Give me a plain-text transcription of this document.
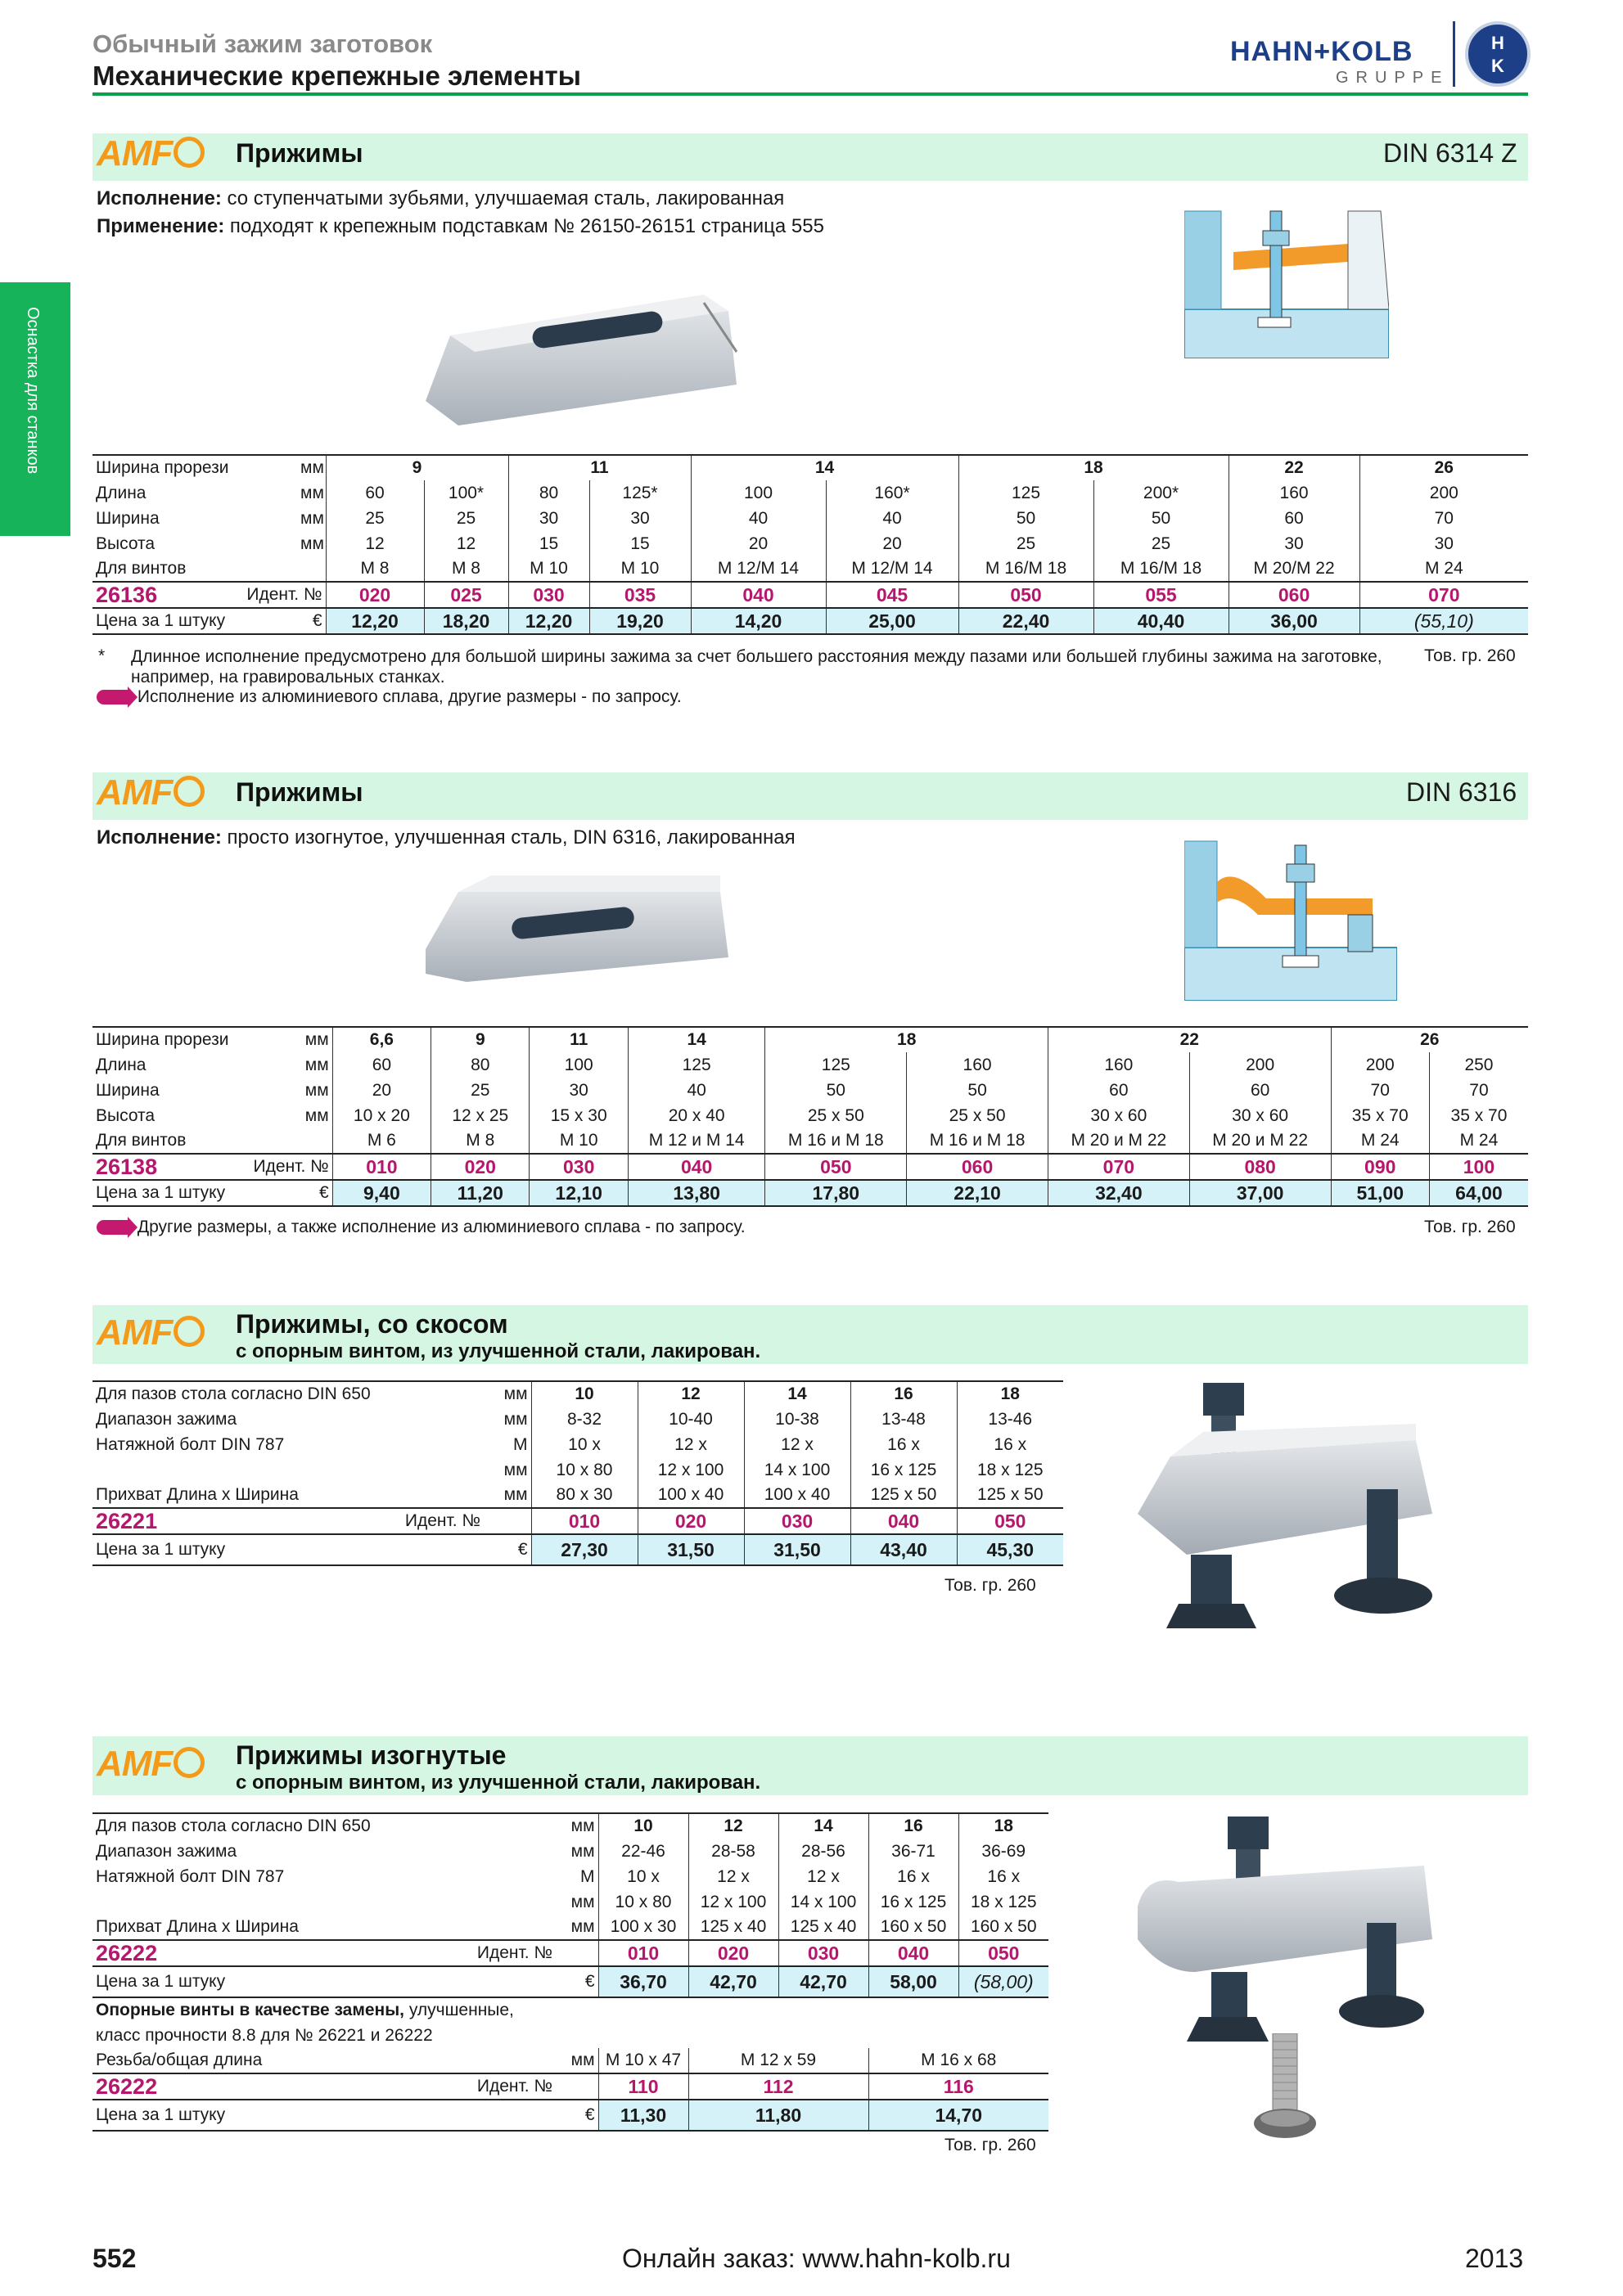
Обычный зажим заготовок
Механические крепежные элементы
HAHN+KOLB
GRUPPE
H
K
Оснастка для станков
AMF	Прижимы	DIN 6314 Z
Исполнение: со ступенчатыми зубьями, улучшаемая сталь, лакированная
Применение: подходят к крепежным подставкам № 26150-26151 страница 555
Ширина прорези	мм	9		11		14		18		22	26
Длина	мм	60	100*	80	125*	100	160*	125	200*	160	200
Ширина	мм	25	25	30	30	40	40	50	50	60	70
Высота	мм	12	12	15	15	20	20	25	25	30	30
Для винтов		M 8	M 8	M 10	M 10	M 12/M 14	M 12/M 14	M 16/M 18	M 16/M 18	M 20/M 22	M 24
26136	Идент. №	020	025	030	035	040	045	050	055	060	070
Цена за 1 штуку	€	12,20	18,20	12,20	19,20	14,20	25,00	22,40	40,40	36,00	(55,10)
* Длинное исполнение предусмотрено для большой ширины зажима за счет большего расстояния между пазами или большей глубины зажима на заготовке, например, на гравировальных станках.
Тов. гр. 260
Исполнение из алюминиевого сплава, другие размеры - по запросу.
AMF	Прижимы	DIN 6316
Исполнение: просто изогнутое, улучшенная сталь, DIN 6316, лакированная
Ширина прорези	мм	6,6	9	11	14	18		22		26	
Длина	мм	60	80	100	125	125	160	160	200	200	250
Ширина	мм	20	25	30	40	50	50	60	60	70	70
Высота	мм	10 x 20	12 x 25	15 x 30	20 x 40	25 x 50	25 x 50	30 x 60	30 x 60	35 x 70	35 x 70
Для винтов		M 6	M 8	M 10	M 12 и M 14	M 16 и M 18	M 16 и M 18	M 20 и M 22	M 20 и M 22	M 24	M 24
26138	Идент. №	010	020	030	040	050	060	070	080	090	100
Цена за 1 штуку	€	9,40	11,20	12,10	13,80	17,80	22,10	32,40	37,00	51,00	64,00
Другие размеры, а также исполнение из алюминиевого сплава - по запросу.	Тов. гр. 260
AMF	Прижимы, со скосом
с опорным винтом, из улучшенной стали, лакирован.
Для пазов стола согласно DIN 650	мм	10	12	14	16	18
Диапазон зажима	мм	8-32	10-40	10-38	13-48	13-46
Натяжной болт DIN 787	M	10 x	12 x	12 x	16 x	16 x
	мм	10 x 80	12 x 100	14 x 100	16 x 125	18 x 125
Прихват Длина x Ширина	мм	80 x 30	100 x 40	100 x 40	125 x 50	125 x 50
26221 Идент. №		010	020	030	040	050
Цена за 1 штуку	€	27,30	31,50	31,50	43,40	45,30
Тов. гр. 260
AMF	Прижимы изогнутые
с опорным винтом, из улучшенной стали, лакирован.
Для пазов стола согласно DIN 650	мм	10	12	14	16	18
Диапазон зажима	мм	22-46	28-58	28-56	36-71	36-69
Натяжной болт DIN 787	M	10 x	12 x	12 x	16 x	16 x
	мм	10 x 80	12 x 100	14 x 100	16 x 125	18 x 125
Прихват Длина x Ширина	мм	100 x 30	125 x 40	125 x 40	160 x 50	160 x 50
26222 Идент. №		010	020	030	040	050
Цена за 1 штуку	€	36,70	42,70	42,70	58,00	(58,00)
Опорные винты в качестве замены, улучшенные,						
класс прочности 8.8 для № 26221 и 26222						
Резьба/общая длина	мм	M 10 x 47	M 12 x 59		M 16 x 68	
26222 Идент. №		110	112		116	
Цена за 1 штуку	€	11,30	11,80		14,70	
Тов. гр. 260
552	Онлайн заказ: www.hahn-kolb.ru	2013
